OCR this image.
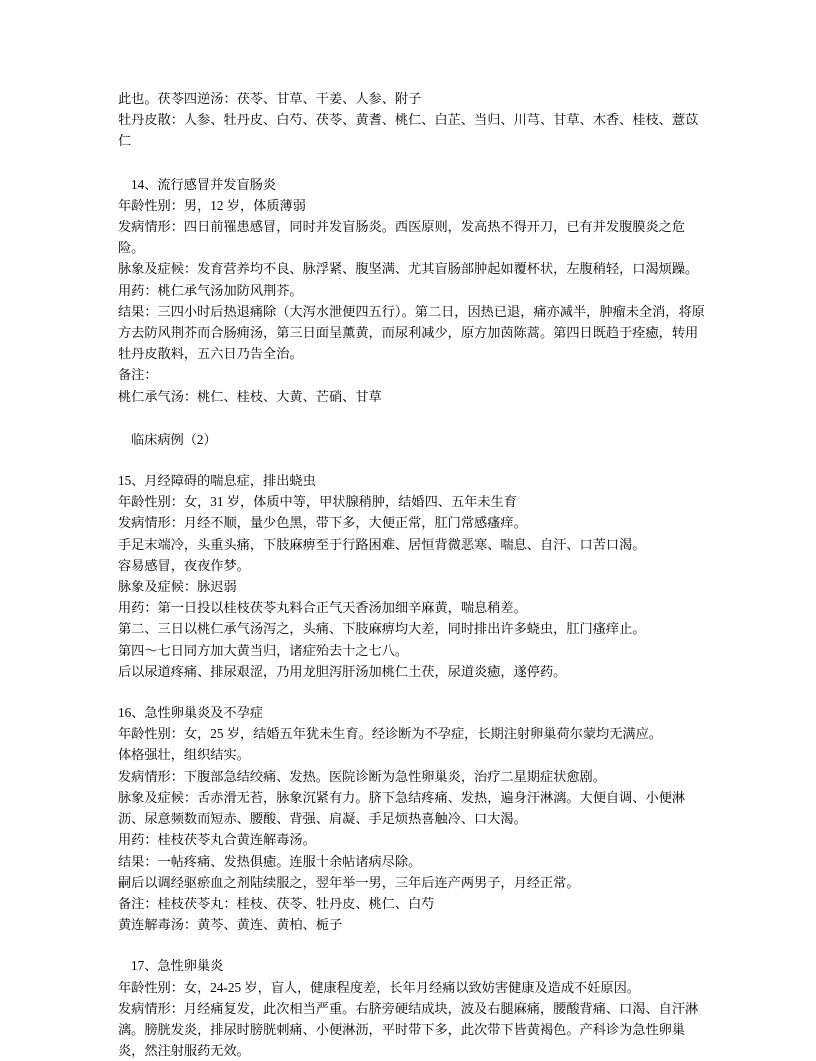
此也。茯苓四逆汤：茯苓、甘草、干姜、人参、附子
牡丹皮散：人参、牡丹皮、白芍、茯苓、黄耆、桃仁、白芷、当归、川芎、甘草、木香、桂枝、薏苡仁
14、流行感冒并发盲肠炎
年龄性别：男，12 岁，体质薄弱
发病情形：四日前罹患感冒，同时并发盲肠炎。西医原则，发高热不得开刀，已有并发腹膜炎之危险。
脉象及症候：发育营养均不良、脉浮紧、腹坚满、尤其盲肠部肿起如覆杯状，左腹稍轻，口渴烦躁。
用药：桃仁承气汤加防风荆芥。
结果：三四小时后热退痛除（大泻水泄便四五行）。第二日，因热已退，痛亦减半，肿瘤未全消，将原方去防风荆芥而合肠痈汤，第三日面呈薰黄，而尿利减少，原方加茵陈蒿。第四日既趋于痊癒，转用牡丹皮散料，五六日乃告全治。
备注：
桃仁承气汤：桃仁、桂枝、大黄、芒硝、甘草
临床病例（2）
15、月经障碍的喘息症，排出蛲虫
年龄性别：女，31 岁，体质中等，甲状腺稍肿，结婚四、五年未生育
发病情形：月经不顺，量少色黑，带下多，大便正常，肛门常感瘙痒。
手足末端冷，头重头痛，下肢麻痹至于行路困难、居恒背微恶寒、喘息、自汗、口苦口渴。
容易感冒，夜夜作梦。
脉象及症候：脉迟弱
用药：第一日投以桂枝茯苓丸料合正气天香汤加细辛麻黄，喘息稍差。
第二、三日以桃仁承气汤泻之，头痛、下肢麻痹均大差，同时排出许多蛲虫，肛门瘙痒止。
第四～七日同方加大黄当归，诸症殆去十之七八。
后以尿道疼痛、排尿艰涩，乃用龙胆泻肝汤加桃仁土茯，尿道炎癒，遂停药。
16、急性卵巢炎及不孕症
年龄性别：女，25 岁，结婚五年犹未生育。经诊断为不孕症，长期注射卵巢荷尔蒙均无满应。
体格强壮，组织结实。
发病情形：下腹部急结绞痛、发热。医院诊断为急性卵巢炎，治疗二星期症状愈剧。
脉象及症候：舌赤滑无苔，脉象沉紧有力。脐下急结疼痛、发热，遍身汗淋漓。大便自调、小便淋沥、尿意频数而短赤、腰酸、背强、肩凝、手足烦热喜触冷、口大渴。
用药：桂枝茯苓丸合黄连解毒汤。
结果：一帖疼痛、发热俱癒。连服十余帖诸病尽除。
嗣后以调经驱瘀血之剂陆续服之，翌年举一男，三年后连产两男子，月经正常。
备注：桂枝茯苓丸：桂枝、茯苓、牡丹皮、桃仁、白芍
黄连解毒汤：黄芩、黄连、黄柏、栀子
17、急性卵巢炎
年龄性别：女，24-25 岁，盲人，健康程度差，长年月经痛以致妨害健康及造成不妊原因。
发病情形：月经痛复发，此次相当严重。右脐旁硬结成块，波及右腿麻痛，腰酸背痛、口渴、自汗淋漓。膀胱发炎，排尿时膀胱刺痛、小便淋沥，平时带下多，此次带下皆黄褐色。产科诊为急性卵巢炎，然注射服药无效。
